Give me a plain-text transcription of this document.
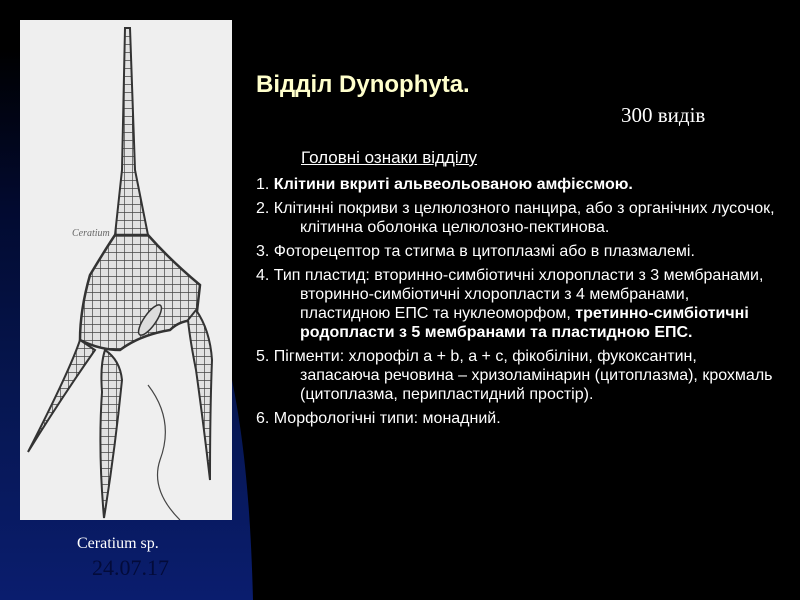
Ceratium
Ceratium sp.
24.07.17
Відділ Dynophyta.
300 видів
Головні ознаки відділу
1. Клітини вкриті альвеольованою амфієсмою.
2. Клітинні покриви з целюлозного панцира, або з органічних лусочок, клітинна оболонка целюлозно-пектинова.
3. Фоторецептор та стигма в цитоплазмі або в плазмалемі.
4. Тип пластид: вторинно-симбіотичні хлоропласти з 3 мембранами, вторинно-симбіотичні хлоропласти з 4 мембранами, пластидною ЕПС та нуклеоморфом, третинно-симбіотичні родопласти з 5 мембранами та пластидною ЕПС.
5. Пігменти: хлорофіл a + b, a + c, фікобіліни, фукоксантин, запасаюча речовина – хризоламінарин (цитоплазма), крохмаль (цитоплазма, перипластидний простір).
6. Морфологічні типи: монадний.
